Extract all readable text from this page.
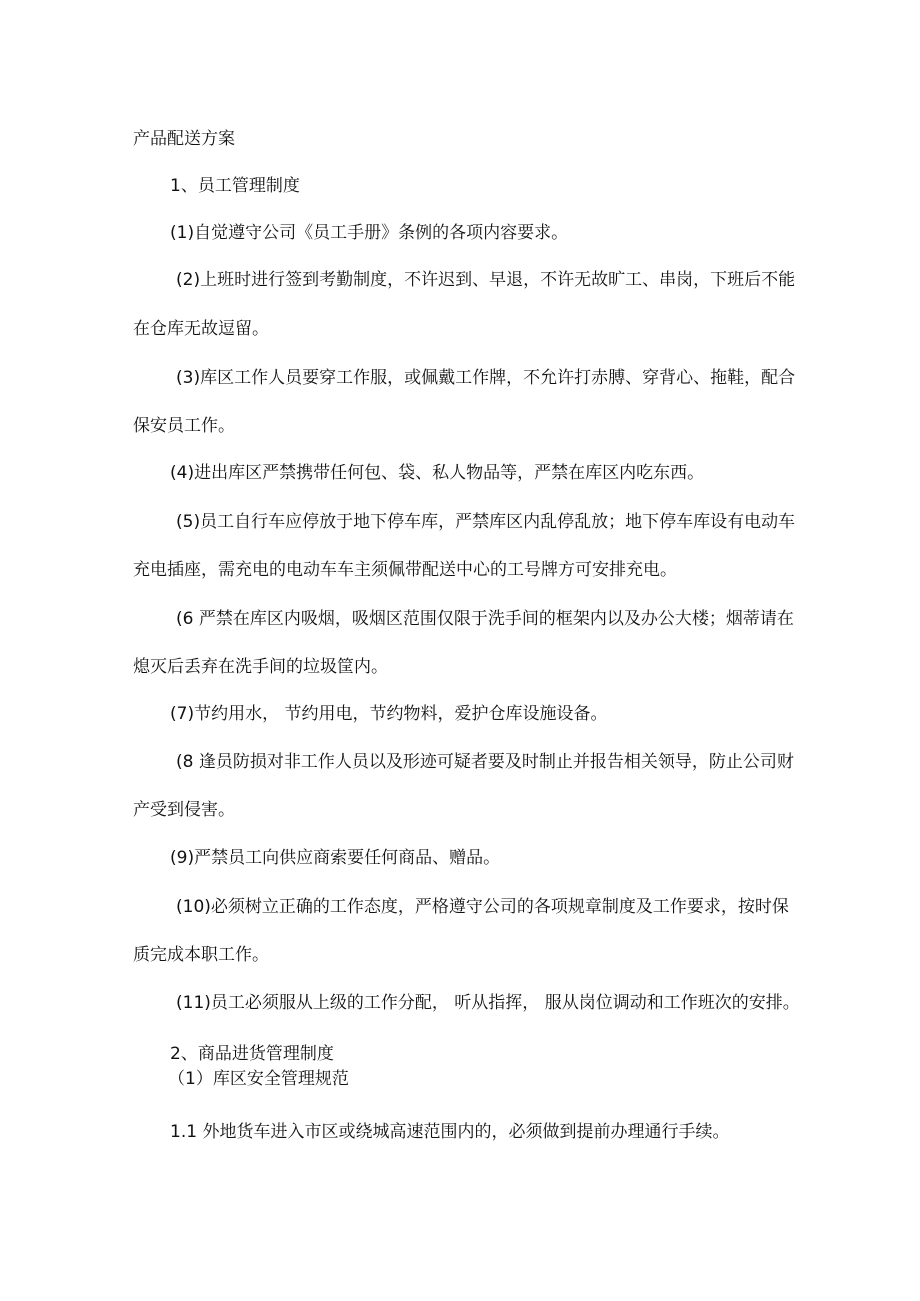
产品配送方案

1、员工管理制度

(1)自觉遵守公司《员工手册》条例的各项内容要求。

(2)上班时进行签到考勤制度，不许迟到、早退，不许无故旷工、串岗，下班后不能

在仓库无故逗留。

(3)库区工作人员要穿工作服，或佩戴工作牌，不允许打赤膊、穿背心、拖鞋，配合

保安员工作。

(4)进出库区严禁携带任何包、袋、私人物品等，严禁在库区内吃东西。

(5)员工自行车应停放于地下停车库，严禁库区内乱停乱放；地下停车库设有电动车

充电插座，需充电的电动车车主须佩带配送中心的工号牌方可安排充电。

(6 严禁在库区内吸烟，吸烟区范围仅限于洗手间的框架内以及办公大楼；烟蒂请在

熄灭后丢弃在洗手间的垃圾筐内。

(7)节约用水， 节约用电，节约物料，爱护仓库设施设备。

(8 逢员防损对非工作人员以及形迹可疑者要及时制止并报告相关领导，防止公司财

产受到侵害。

(9)严禁员工向供应商索要任何商品、赠品。

(10)必须树立正确的工作态度，严格遵守公司的各项规章制度及工作要求，按时保

质完成本职工作。

(11)员工必须服从上级的工作分配， 听从指挥， 服从岗位调动和工作班次的安排。

2、商品进货管理制度

（1）库区安全管理规范

1.1 外地货车进入市区或绕城高速范围内的，必须做到提前办理通行手续。
